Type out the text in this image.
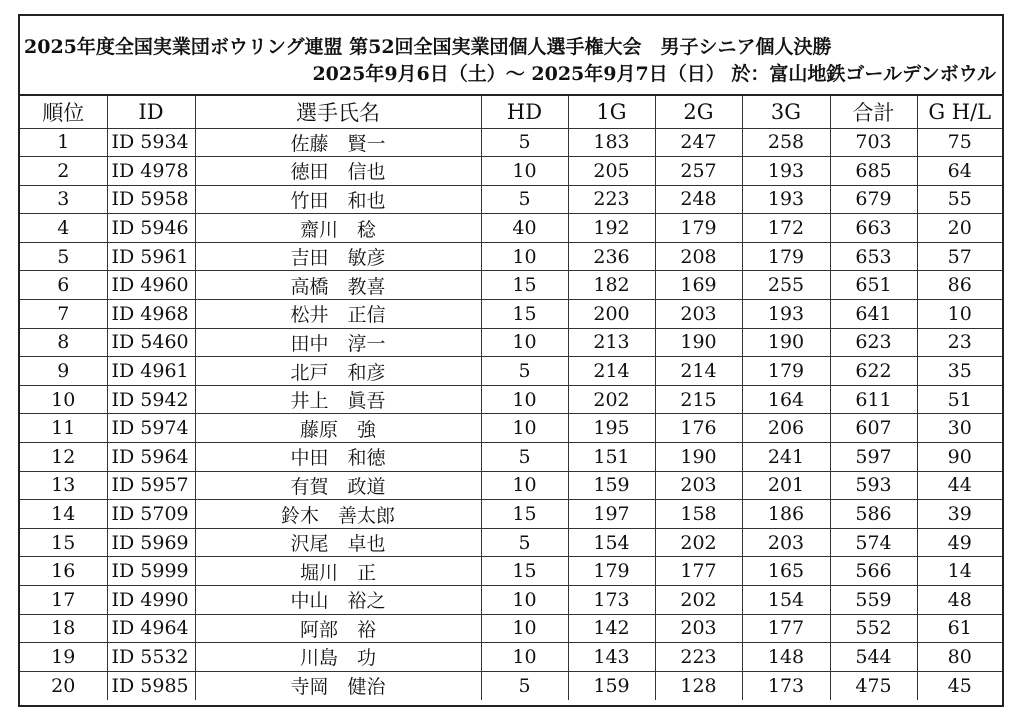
2025年度全国実業団ボウリング連盟 第52回全国実業団個人選手権大会　男子シニア個人決勝
2025年9月6日（土）～ 2025年9月7日（日） 於：富山地鉄ゴールデンボウル
順位	ID	選手氏名	HD	1G	2G	3G	合計	G H/L
1	ID 5934	佐藤　賢一	5	183	247	258	703	75
2	ID 4978	徳田　信也	10	205	257	193	685	64
3	ID 5958	竹田　和也	5	223	248	193	679	55
4	ID 5946	齋川　稔	40	192	179	172	663	20
5	ID 5961	吉田　敏彦	10	236	208	179	653	57
6	ID 4960	高橋　教喜	15	182	169	255	651	86
7	ID 4968	松井　正信	15	200	203	193	641	10
8	ID 5460	田中　淳一	10	213	190	190	623	23
9	ID 4961	北戸　和彦	5	214	214	179	622	35
10	ID 5942	井上　眞吾	10	202	215	164	611	51
11	ID 5974	藤原　強	10	195	176	206	607	30
12	ID 5964	中田　和徳	5	151	190	241	597	90
13	ID 5957	有賀　政道	10	159	203	201	593	44
14	ID 5709	鈴木　善太郎	15	197	158	186	586	39
15	ID 5969	沢尾　卓也	5	154	202	203	574	49
16	ID 5999	堀川　正	15	179	177	165	566	14
17	ID 4990	中山　裕之	10	173	202	154	559	48
18	ID 4964	阿部　裕	10	142	203	177	552	61
19	ID 5532	川島　功	10	143	223	148	544	80
20	ID 5985	寺岡　健治	5	159	128	173	475	45
